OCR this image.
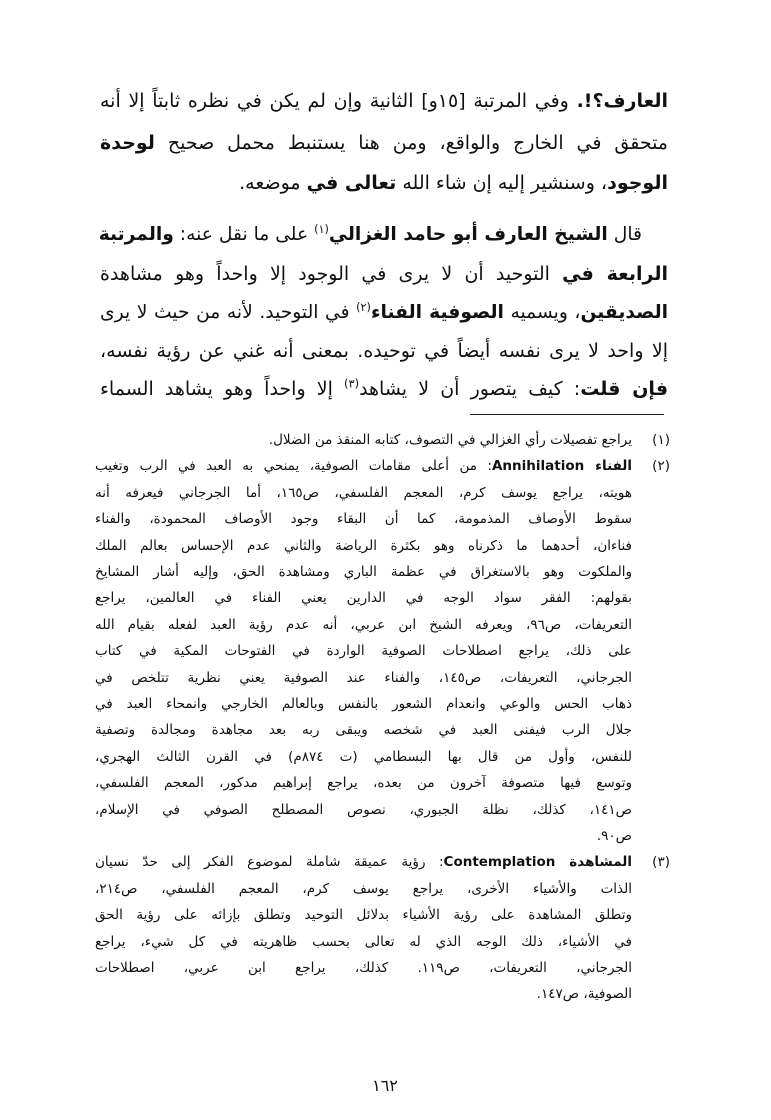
العارف؟!. وفي المرتبة [١٥و] الثانية وإن لم يكن في نظره ثابتاً إلا أنه
متحقق في الخارج والواقع، ومن هنا يستنبط محمل صحيح لوحدة
الوجود، وسنشير إليه إن شاء الله تعالى في موضعه.
قال الشيخ العارف أبو حامد الغزالي$^{(١)}$ على ما نقل عنه: والمرتبة
الرابعة في التوحيد أن لا يرى في الوجود إلا واحداً وهو مشاهدة
الصديقين، ويسميه الصوفية الفناء$^{(٢)}$ في التوحيد. لأنه من حيث لا يرى
إلا واحد لا يرى نفسه أيضاً في توحيده. بمعنى أنه غني عن رؤية نفسه،
فإن قلت: كيف يتصور أن لا يشاهد$^{(٣)}$ إلا واحداً وهو يشاهد السماء
(١)
يراجع تفصيلات رأي الغزالي في التصوف، كتابه المنقذ من الضلال.
(٢)
الفناء Annihilation: من أعلى مقامات الصوفية، يمنحي به العبد في الرب وتغيب
هويته، يراجع يوسف كرم، المعجم الفلسفي، ص١٦٥، أما الجرجاني فيعرفه أنه
سقوط الأوصاف المذمومة، كما أن البقاء وجود الأوصاف المحمودة، والفناء
فناءان، أحدهما ما ذكرناه وهو بكثرة الرياضة والثاني عدم الإحساس بعالم الملك
والملكوت وهو بالاستغراق في عظمة الباري ومشاهدة الحق، وإليه أشار المشايخ
بقولهم: الفقر سواد الوجه في الدارين يعني الفناء في العالمين، يراجع
التعريفات، ص٩٦، ويعرفه الشيخ ابن عربي، أنه عدم رؤية العبد لفعله بقيام الله
على ذلك، يراجع اصطلاحات الصوفية الواردة في الفتوحات المكية في كتاب
الجرجاني، التعريفات، ص١٤٥، والفناء عند الصوفية يعني نظرية تتلخص في
ذهاب الحس والوعي وانعدام الشعور بالنفس وبالعالم الخارجي وانمحاء العبد في
جلال الرب فيفنى العبد في شخصه ويبقى ربه بعد مجاهدة ومجالدة وتصفية
للنفس، وأول من قال بها البسطامي (ت ٨٧٤م) في القرن الثالث الهجري،
وتوسع فيها متصوفة آخرون من بعده، يراجع إبراهيم مدكور، المعجم الفلسفي،
ص١٤١، كذلك، نظلة الجبوري، نصوص المصطلح الصوفي في الإسلام،
ص٩٠.
(٣)
المشاهدة Contemplation: رؤية عميقة شاملة لموضوع الفكر إلى حدّ نسيان
الذات والأشياء الأخرى، يراجع يوسف كرم، المعجم الفلسفي، ص٢١٤،
وتطلق المشاهدة على رؤية الأشياء بدلائل التوحيد وتطلق بإزائه على رؤية الحق
في الأشياء، ذلك الوجه الذي له تعالى بحسب ظاهريته في كل شيء، يراجع
الجرجاني، التعريفات، ص١١٩. كذلك، يراجع ابن عربي، اصطلاحات
الصوفية، ص١٤٧.
١٦٢
